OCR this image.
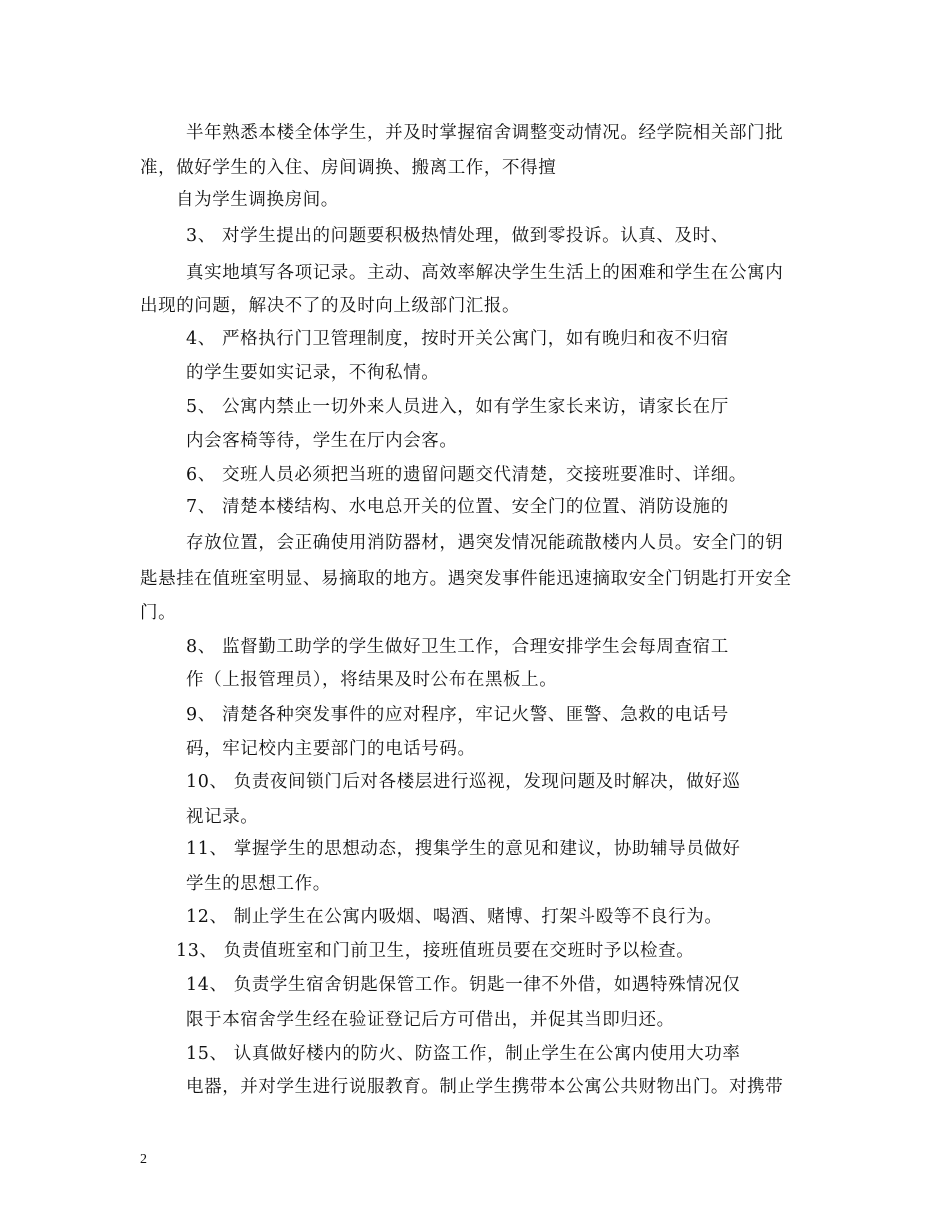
半年熟悉本楼全体学生，并及时掌握宿舍调整变动情况。经学院相关部门批
准，做好学生的入住、房间调换、搬离工作，不得擅
自为学生调换房间。
3、 对学生提出的问题要积极热情处理，做到零投诉。认真、及时、
真实地填写各项记录。主动、高效率解决学生生活上的困难和学生在公寓内
出现的问题，解决不了的及时向上级部门汇报。
4、 严格执行门卫管理制度，按时开关公寓门，如有晚归和夜不归宿
的学生要如实记录，不徇私情。
5、 公寓内禁止一切外来人员进入，如有学生家长来访，请家长在厅
内会客椅等待，学生在厅内会客。
6、 交班人员必须把当班的遗留问题交代清楚，交接班要准时、详细。
7、 清楚本楼结构、水电总开关的位置、安全门的位置、消防设施的
存放位置，会正确使用消防器材，遇突发情况能疏散楼内人员。安全门的钥
匙悬挂在值班室明显、易摘取的地方。遇突发事件能迅速摘取安全门钥匙打开安全
门。
8、 监督勤工助学的学生做好卫生工作，合理安排学生会每周查宿工
作（上报管理员），将结果及时公布在黑板上。
9、 清楚各种突发事件的应对程序，牢记火警、匪警、急救的电话号
码，牢记校内主要部门的电话号码。
10、 负责夜间锁门后对各楼层进行巡视，发现问题及时解决，做好巡
视记录。
11、 掌握学生的思想动态，搜集学生的意见和建议，协助辅导员做好
学生的思想工作。
12、 制止学生在公寓内吸烟、喝酒、赌博、打架斗殴等不良行为。
13、 负责值班室和门前卫生，接班值班员要在交班时予以检查。
14、 负责学生宿舍钥匙保管工作。钥匙一律不外借，如遇特殊情况仅
限于本宿舍学生经在验证登记后方可借出，并促其当即归还。
15、 认真做好楼内的防火、防盗工作，制止学生在公寓内使用大功率
电器，并对学生进行说服教育。制止学生携带本公寓公共财物出门。对携带
2
